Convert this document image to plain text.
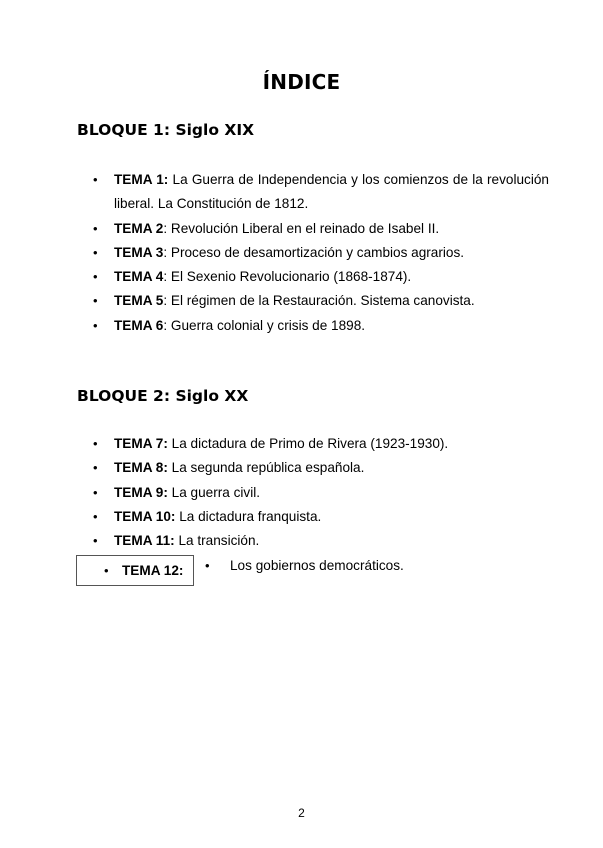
ÍNDICE
BLOQUE 1: Siglo XIX
• TEMA 1: La Guerra de Independencia y los comienzos de la revolución liberal. La Constitución de 1812.
• TEMA 2: Revolución Liberal en el reinado de Isabel II.
• TEMA 3: Proceso de desamortización y cambios agrarios.
• TEMA 4: El Sexenio Revolucionario (1868-1874).
• TEMA 5: El régimen de la Restauración. Sistema canovista.
• TEMA 6: Guerra colonial y crisis de 1898.
BLOQUE 2: Siglo XX
• TEMA 7: La dictadura de Primo de Rivera (1923-1930).
• TEMA 8: La segunda república española.
• TEMA 9: La guerra civil.
• TEMA 10: La dictadura franquista.
• TEMA 11: La transición.
• TEMA 12: • Los gobiernos democráticos.
2
